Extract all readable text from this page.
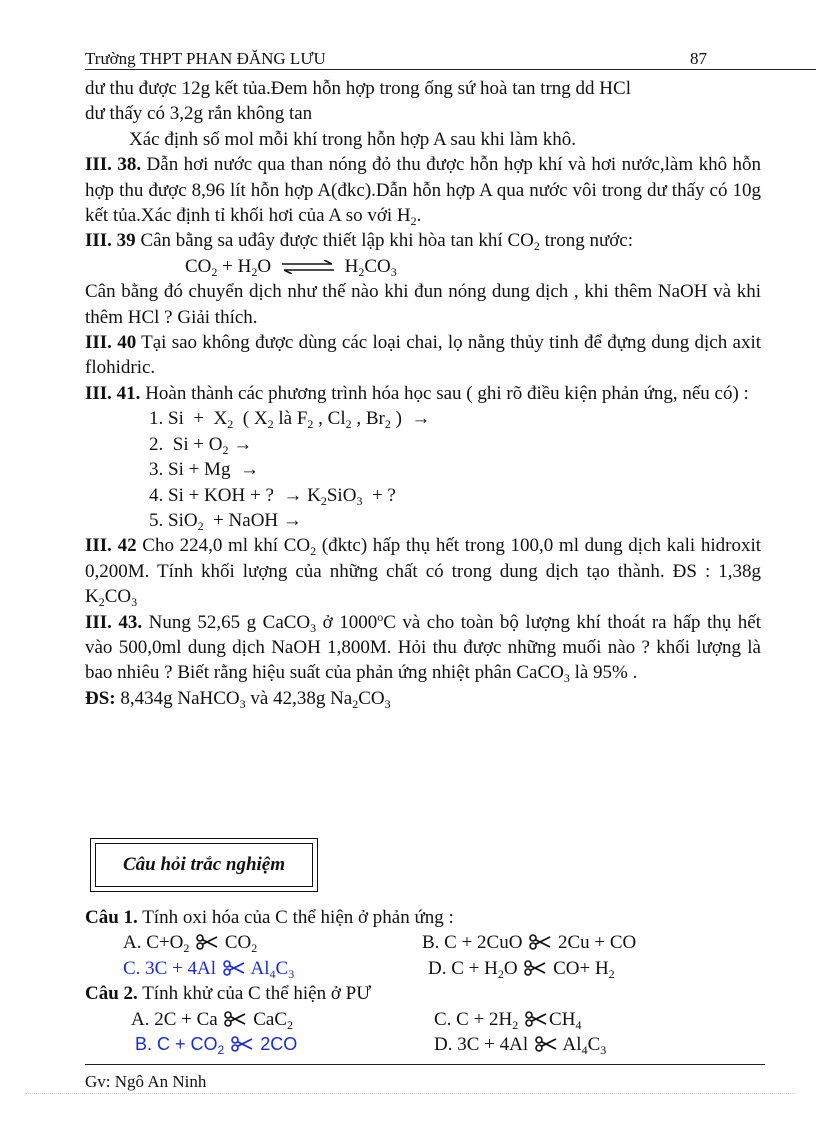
Trường THPT PHAN ĐĂNG LƯU	87

dư thu được 12g kết tủa.Đem hỗn hợp trong ống sứ hoà tan trng dd HCl

dư thấy có 3,2g rắn không tan

Xác định số mol mỗi khí trong hỗn hợp A sau khi làm khô.

III. 38. Dẫn hơi nước qua than nóng đỏ thu được hỗn hợp khí và hơi nước,làm khô hỗn hợp thu được 8,96 lít hỗn hợp A(đkc).Dẫn hỗn hợp A qua nước vôi trong dư thấy có 10g kết tủa.Xác định tỉ khối hơi của A so với $H_2$.

III. 39 Cân bằng sa uđây được thiết lập khi hòa tan khí $CO_2$ trong nước:

$CO_2 + H_2O$ ⇌ $H_2CO_3$

Cân bằng đó chuyển dịch như thế nào khi đun nóng dung dịch , khi thêm NaOH và khi thêm HCl ? Giải thích.

III. 40 Tại sao không được dùng các loại chai, lọ nằng thủy tinh để đựng dung dịch axit flohidric.

III. 41. Hoàn thành các phương trình hóa học sau ( ghi rõ điều kiện phản ứng, nếu có) :

1. $Si + X_2$  ( $X_2$ là $F_2$ , $Cl_2$ , $Br_2$ )  →
2.  $Si + O_2$ →
3. Si + Mg  →
4. Si + KOH + ?  → $K_2SiO_3$  + ?
5. SiO$_2$  + NaOH →

III. 42 Cho 224,0 ml khí $CO_2$ (đktc) hấp thụ hết trong 100,0 ml dung dịch kali hidroxit 0,200M. Tính khối lượng của những chất có trong dung dịch tạo thành. ĐS : 1,38g $K_2CO_3$

III. 43. Nung 52,65 g CaCO$_3$ ở 1000$^o$C và cho toàn bộ lượng khí thoát ra hấp thụ hết vào 500,0ml dung dịch NaOH 1,800M. Hỏi thu được những muối nào ? khối lượng là bao nhiêu ? Biết rằng hiệu suất của phản ứng nhiệt phân CaCO$_3$ là 95% .

ĐS: 8,434g NaHCO$_3$ và 42,38g $Na_2CO_3$

Câu hỏi trắc nghiệm
Câu 1. Tính oxi hóa của C thể hiện ở phản ứng :
A. $C+O_2$  $CO_2$	B. C + 2CuO  2Cu + CO
C. 3C + 4Al  $Al_4C_3$	D. $C + H_2O$  $CO+ H_2$
Câu 2. Tính khử của C thể hiện ở PƯ
A. 2C + Ca  CaC$_2$	C. $C + 2H_2$ $CH_4$
B. $C + CO_2$  2CO	D. 3C + 4Al  $Al_4C_3$
Gv: Ngô An Ninh
